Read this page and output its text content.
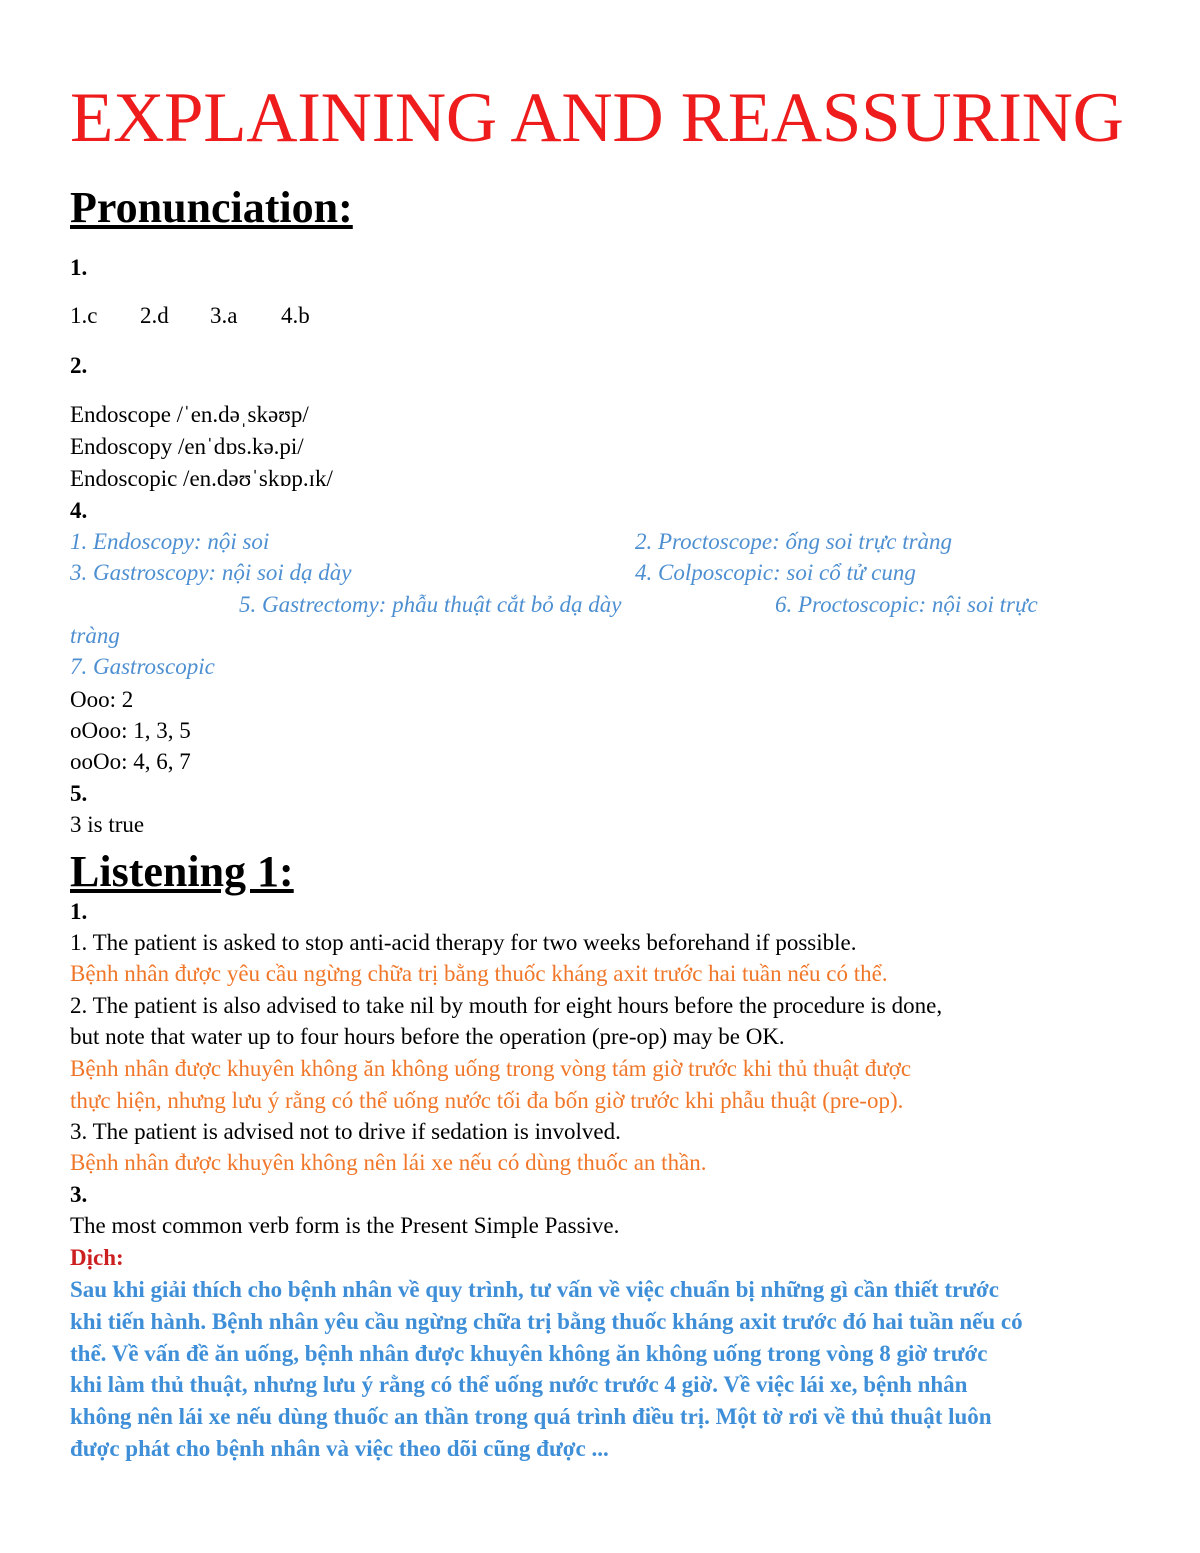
EXPLAINING AND REASSURING
Pronunciation:
1.
1.c 2.d 3.a 4.b
2.
Endoscope /ˈen.dəˌskəʊp/
Endoscopy /enˈdɒs.kə.pi/
Endoscopic /en.dəʊˈskɒp.ɪk/
4.
1. Endoscopy: nội soi	2. Proctoscope: ống soi trực tràng
3. Gastroscopy: nội soi dạ dày	4. Colposcopic: soi cổ tử cung
5. Gastrectomy: phẫu thuật cắt bỏ dạ dày	6. Proctoscopic: nội soi trực
tràng
7. Gastroscopic
Ooo: 2
oOoo: 1, 3, 5
ooOo: 4, 6, 7
5.
3 is true
Listening 1:
1.
1. The patient is asked to stop anti-acid therapy for two weeks beforehand if possible.
Bệnh nhân được yêu cầu ngừng chữa trị bằng thuốc kháng axit trước hai tuần nếu có thể.
2. The patient is also advised to take nil by mouth for eight hours before the procedure is done,
but note that water up to four hours before the operation (pre-op) may be OK.
Bệnh nhân được khuyên không ăn không uống trong vòng tám giờ trước khi thủ thuật được
thực hiện, nhưng lưu ý rằng có thể uống nước tối đa bốn giờ trước khi phẫu thuật (pre-op).
3. The patient is advised not to drive if sedation is involved.
Bệnh nhân được khuyên không nên lái xe nếu có dùng thuốc an thần.
3.
The most common verb form is the Present Simple Passive.
Dịch:
Sau khi giải thích cho bệnh nhân về quy trình, tư vấn về việc chuẩn bị những gì cần thiết trước
khi tiến hành. Bệnh nhân yêu cầu ngừng chữa trị bằng thuốc kháng axit trước đó hai tuần nếu có
thể. Về vấn đề ăn uống, bệnh nhân được khuyên không ăn không uống trong vòng 8 giờ trước
khi làm thủ thuật, nhưng lưu ý rằng có thể uống nước trước 4 giờ. Về việc lái xe, bệnh nhân
không nên lái xe nếu dùng thuốc an thần trong quá trình điều trị. Một tờ rơi về thủ thuật luôn
được phát cho bệnh nhân và việc theo dõi cũng được ...
